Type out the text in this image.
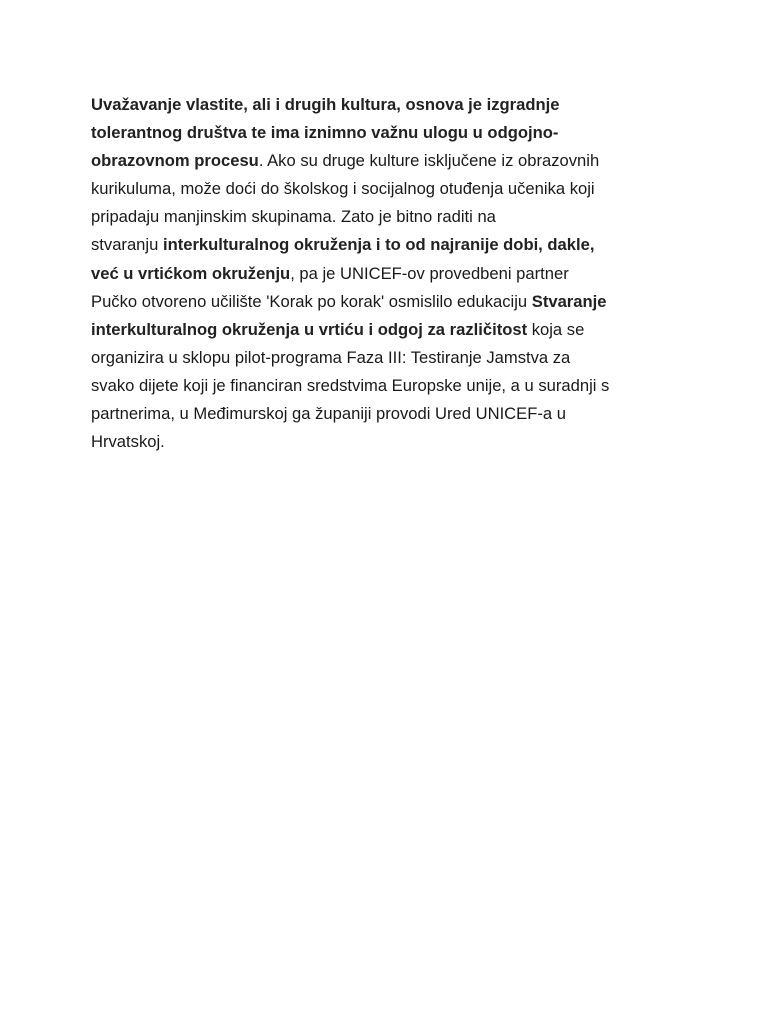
Uvažavanje vlastite, ali i drugih kultura, osnova je izgradnje
tolerantnog društva te ima iznimno važnu ulogu u odgojno-
obrazovnom procesu. Ako su druge kulture isključene iz obrazovnih
kurikuluma, može doći do školskog i socijalnog otuđenja učenika koji
pripadaju manjinskim skupinama. Zato je bitno raditi na
stvaranju interkulturalnog okruženja i to od najranije dobi, dakle,
već u vrtićkom okruženju, pa je UNICEF-ov provedbeni partner
Pučko otvoreno učilište 'Korak po korak' osmislilo edukaciju Stvaranje
interkulturalnog okruženja u vrtiću i odgoj za različitost koja se
organizira u sklopu pilot-programa Faza III: Testiranje Jamstva za
svako dijete koji je financiran sredstvima Europske unije, a u suradnji s
partnerima, u Međimurskoj ga županiji provodi Ured UNICEF-a u
Hrvatskoj.
